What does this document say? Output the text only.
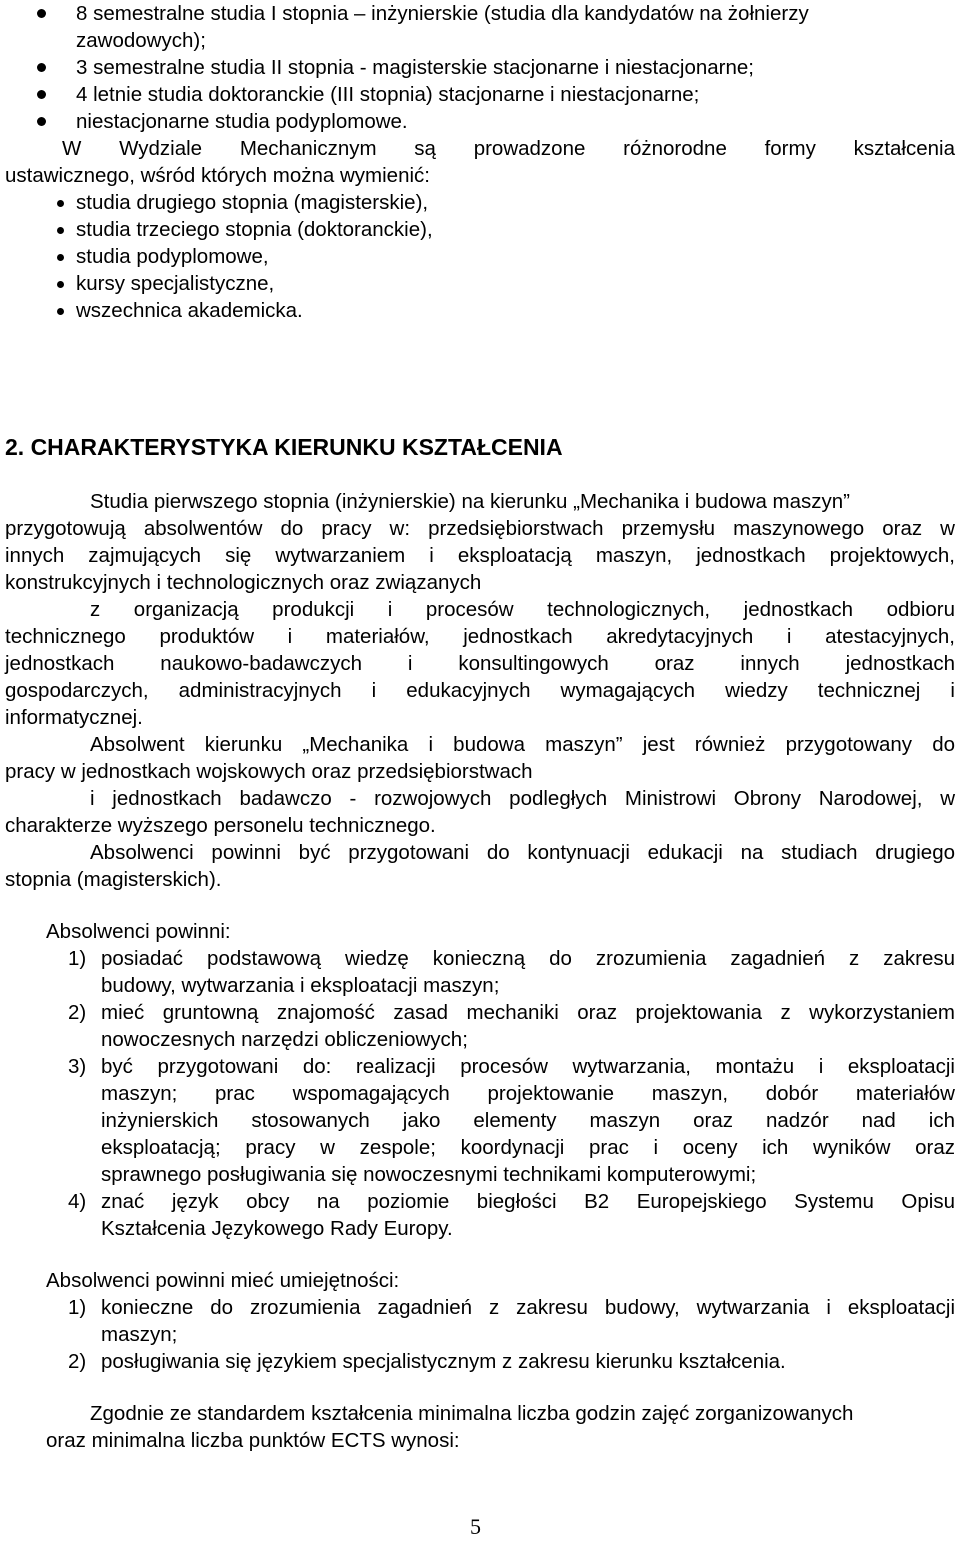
8 semestralne studia I stopnia – inżynierskie (studia dla kandydatów na żołnierzy
zawodowych);
3 semestralne studia II stopnia - magisterskie stacjonarne i niestacjonarne;
4 letnie studia doktoranckie (III stopnia) stacjonarne i niestacjonarne;
niestacjonarne studia podyplomowe.
W Wydziale Mechanicznym są prowadzone różnorodne formy kształcenia
ustawicznego, wśród których można wymienić:
studia drugiego stopnia (magisterskie),
studia trzeciego stopnia (doktoranckie),
studia podyplomowe,
kursy specjalistyczne,
wszechnica akademicka.
2. CHARAKTERYSTYKA KIERUNKU KSZTAŁCENIA
Studia pierwszego stopnia (inżynierskie) na kierunku „Mechanika i budowa maszyn”
przygotowują absolwentów do pracy w: przedsiębiorstwach przemysłu maszynowego oraz w
innych zajmujących się wytwarzaniem i eksploatacją maszyn, jednostkach projektowych,
konstrukcyjnych i technologicznych oraz związanych
z organizacją produkcji i procesów technologicznych, jednostkach odbioru
technicznego produktów i materiałów, jednostkach akredytacyjnych i atestacyjnych,
jednostkach naukowo-badawczych i konsultingowych oraz innych jednostkach
gospodarczych, administracyjnych i edukacyjnych wymagających wiedzy technicznej i
informatycznej.
Absolwent kierunku „Mechanika i budowa maszyn” jest również przygotowany do
pracy w jednostkach wojskowych oraz przedsiębiorstwach
i jednostkach badawczo - rozwojowych podległych Ministrowi Obrony Narodowej, w
charakterze wyższego personelu technicznego.
Absolwenci powinni być przygotowani do kontynuacji edukacji na studiach drugiego
stopnia (magisterskich).
Absolwenci powinni:
1) posiadać podstawową wiedzę konieczną do zrozumienia zagadnień z zakresu
budowy, wytwarzania i eksploatacji maszyn;
2) mieć gruntowną znajomość zasad mechaniki oraz projektowania z wykorzystaniem
nowoczesnych narzędzi obliczeniowych;
3) być przygotowani do: realizacji procesów wytwarzania, montażu i eksploatacji
maszyn; prac wspomagających projektowanie maszyn, dobór materiałów
inżynierskich stosowanych jako elementy maszyn oraz nadzór nad ich
eksploatacją; pracy w zespole; koordynacji prac i oceny ich wyników oraz
sprawnego posługiwania się nowoczesnymi technikami komputerowymi;
4) znać język obcy na poziomie biegłości B2 Europejskiego Systemu Opisu
Kształcenia Językowego Rady Europy.
Absolwenci powinni mieć umiejętności:
1) konieczne do zrozumienia zagadnień z zakresu budowy, wytwarzania i eksploatacji
maszyn;
2) posługiwania się językiem specjalistycznym z zakresu kierunku kształcenia.
Zgodnie ze standardem kształcenia minimalna liczba godzin zajęć zorganizowanych
oraz minimalna liczba punktów ECTS wynosi:
5
